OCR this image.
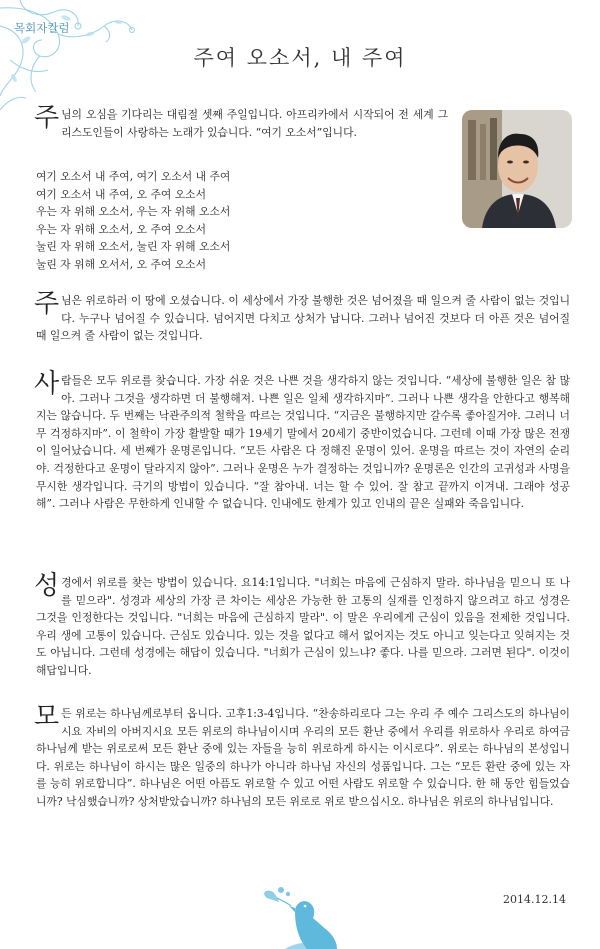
목회자칼럼
주여 오소서, 내 주여

주님의 오심을 기다리는 대림절 셋째 주일입니다. 아프리카에서 시작되어 전 세계 그리스도인들이 사랑하는 노래가 있습니다. “여기 오소서”입니다.

여기 오소서 내 주여, 여기 오소서 내 주여
여기 오소서 내 주여, 오 주여 오소서
우는 자 위해 오소서, 우는 자 위해 오소서
우는 자 위해 오소서, 오 주여 오소서
눌린 자 위해 오소서, 눌린 자 위해 오소서
눌린 자 위해 오서서, 오 주여 오소서

주님은 위로하러 이 땅에 오셨습니다. 이 세상에서 가장 불행한 것은 넘어졌을 때 일으켜 줄 사람이 없는 것입니다. 누구나 넘어질 수 있습니다. 넘어지면 다치고 상처가 납니다. 그러나 넘어진 것보다 더 아픈 것은 넘어질 때 일으켜 줄 사람이 없는 것입니다.

사람들은 모두 위로를 찾습니다. 가장 쉬운 것은 나쁜 것을 생각하지 않는 것입니다. “세상에 불행한 일은 참 많아. 그러나 그것을 생각하면 더 불행해져. 나쁜 일은 일체 생각하지마”. 그러나 나쁜 생각을 안한다고 행복해지는 않습니다. 두 번째는 낙관주의적 철학을 따르는 것입니다. “지금은 불행하지만 갈수록 좋아질거야. 그러니 너무 걱정하지마”. 이 철학이 가장 활발할 때가 19세기 말에서 20세기 중반이었습니다. 그런데 이때 가장 많은 전쟁이 일어났습니다. 세 번째가 운명론입니다. “모든 사람은 다 정해진 운명이 있어. 운명을 따르는 것이 자연의 순리야. 걱정한다고 운명이 달라지지 않아”. 그러나 운명은 누가 결정하는 것입니까? 운명론은 인간의 고귀성과 사명을 무시한 생각입니다. 극기의 방법이 있습니다. “잘 참아내. 너는 할 수 있어. 잘 참고 끝까지 이겨내. 그래야 성공해”. 그러나 사람은 무한하게 인내할 수 없습니다. 인내에도 한계가 있고 인내의 끝은 실패와 죽음입니다.

성경에서 위로를 찾는 방법이 있습니다. 요14:1입니다. "너희는 마음에 근심하지 말라. 하나님을 믿으니 또 나를 믿으라". 성경과 세상의 가장 큰 차이는 세상은 가능한 한 고통의 실재를 인정하지 않으려고 하고 성경은 그것을 인정한다는 것입니다. "너희는 마음에 근심하지 말라". 이 말은 우리에게 근심이 있음을 전제한 것입니다. 우리 생에 고통이 있습니다. 근심도 있습니다. 있는 것을 없다고 해서 없어지는 것도 아니고 잊는다고 잊혀지는 것도 아닙니다. 그런데 성경에는 해답이 있습니다. "너희가 근심이 있느냐? 좋다. 나를 믿으라. 그러면 된다". 이것이 해답입니다.

모든 위로는 하나님께로부터 옵니다. 고후1:3-4입니다. “찬송하리로다 그는 우리 주 예수 그리스도의 하나님이시요 자비의 아버지시요 모든 위로의 하나님이시며 우리의 모든 환난 중에서 우리를 위로하사 우리로 하여금 하나님께 받는 위로로써 모든 환난 중에 있는 자들을 능히 위로하게 하시는 이시로다”. 위로는 하나님의 본성입니다. 위로는 하나님이 하시는 많은 일중의 하나가 아니라 하나님 자신의 성품입니다. 그는 “모든 환란 중에 있는 자를 능히 위로합니다”. 하나님은 어떤 아픔도 위로할 수 있고 어떤 사람도 위로할 수 있습니다. 한 해 동안 힘들었습니까? 낙심했습니까? 상처받았습니까? 하나님의 모든 위로로 위로 받으십시오. 하나님은 위로의 하나님입니다.

2014.12.14
